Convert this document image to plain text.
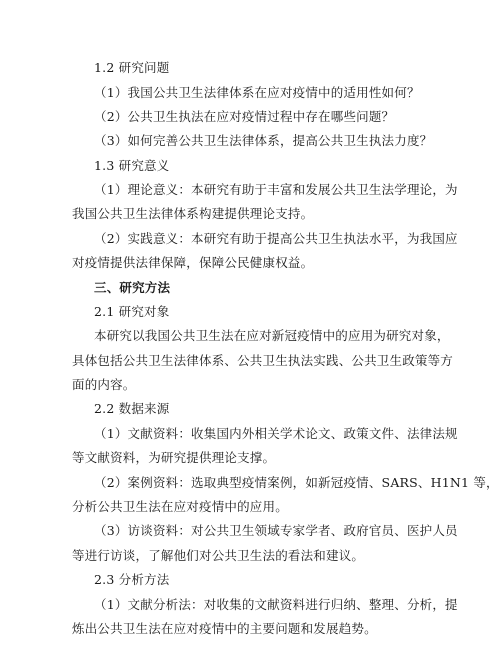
1.2 研究问题
（1）我国公共卫生法律体系在应对疫情中的适用性如何？
（2）公共卫生执法在应对疫情过程中存在哪些问题？
（3）如何完善公共卫生法律体系，提高公共卫生执法力度？
1.3 研究意义
（1）理论意义：本研究有助于丰富和发展公共卫生法学理论，为
我国公共卫生法律体系构建提供理论支持。
（2）实践意义：本研究有助于提高公共卫生执法水平，为我国应
对疫情提供法律保障，保障公民健康权益。
三、研究方法
2.1 研究对象
本研究以我国公共卫生法在应对新冠疫情中的应用为研究对象，
具体包括公共卫生法律体系、公共卫生执法实践、公共卫生政策等方
面的内容。
2.2 数据来源
（1）文献资料：收集国内外相关学术论文、政策文件、法律法规
等文献资料，为研究提供理论支撑。
（2）案例资料：选取典型疫情案例，如新冠疫情、SARS、H1N1 等，
分析公共卫生法在应对疫情中的应用。
（3）访谈资料：对公共卫生领域专家学者、政府官员、医护人员
等进行访谈，了解他们对公共卫生法的看法和建议。
2.3 分析方法
（1）文献分析法：对收集的文献资料进行归纳、整理、分析，提
炼出公共卫生法在应对疫情中的主要问题和发展趋势。
